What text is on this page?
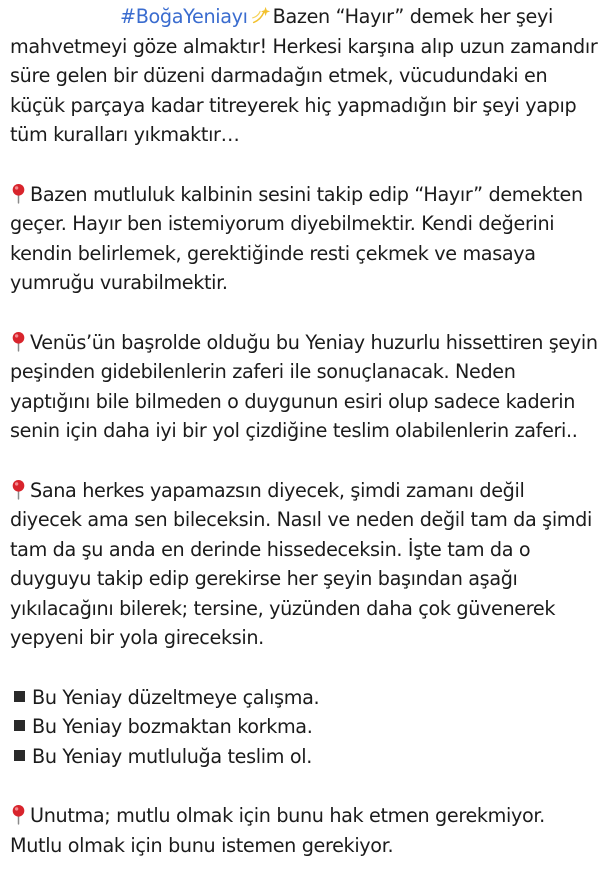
#BoğaYeniayı Bazen “Hayır” demek her şeyi
mahvetmeyi göze almaktır! Herkesi karşına alıp uzun zamandır süre gelen bir düzeni darmadağın etmek, vücudundaki en küçük parçaya kadar titreyerek hiç yapmadığın bir şeyi yapıp tüm kuralları yıkmaktır…

Bazen mutluluk kalbinin sesini takip edip “Hayır” demekten geçer. Hayır ben istemiyorum diyebilmektir. Kendi değerini kendin belirlemek, gerektiğinde resti çekmek ve masaya yumruğu vurabilmektir.

Venüs’ün başrolde olduğu bu Yeniay huzurlu hissettiren şeyin peşinden gidebilenlerin zaferi ile sonuçlanacak. Neden yaptığını bile bilmeden o duygunun esiri olup sadece kaderin senin için daha iyi bir yol çizdiğine teslim olabilenlerin zaferi..

Sana herkes yapamazsın diyecek, şimdi zamanı değil diyecek ama sen bileceksin. Nasıl ve neden değil tam da şimdi tam da şu anda en derinde hissedeceksin. İşte tam da o duyguyu takip edip gerekirse her şeyin başından aşağı yıkılacağını bilerek; tersine, yüzünden daha çok güvenerek yepyeni bir yola gireceksin.

Bu Yeniay düzeltmeye çalışma.
Bu Yeniay bozmaktan korkma.
Bu Yeniay mutluluğa teslim ol.

Unutma; mutlu olmak için bunu hak etmen gerekmiyor. Mutlu olmak için bunu istemen gerekiyor.
